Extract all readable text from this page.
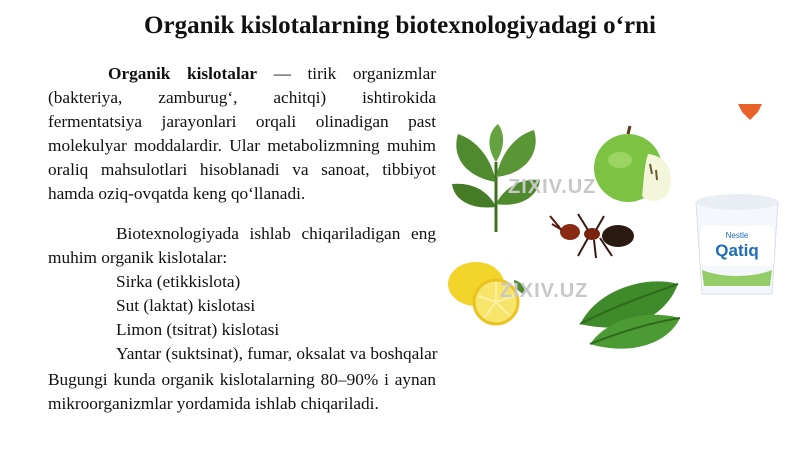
Organik kislotalarning biotexnologiyadagi o‘rni
Organik kislotalar — tirik organizmlar (bakteriya, zamburug‘, achitqi) ishtirokida fermentatsiya jarayonlari orqali olinadigan past molekulyar moddalardir. Ular metabolizmning muhim oraliq mahsulotlari hisoblanadi va sanoat, tibbiyot hamda oziq-ovqatda keng qo‘llanadi.
Biotexnologiyada ishlab chiqariladigan eng muhim organik kislotalar:
Sirka (etikkislota)
Sut (laktat) kislotasi
Limon (tsitrat) kislotasi
Yantar (suktsinat), fumar, oksalat va boshqalar
Bugungi kunda organik kislotalarning 80–90% i aynan mikroorganizmlar yordamida ishlab chiqariladi.
Nestle
Qatiq
ZIXIV.UZ
ZIXIV.UZ
